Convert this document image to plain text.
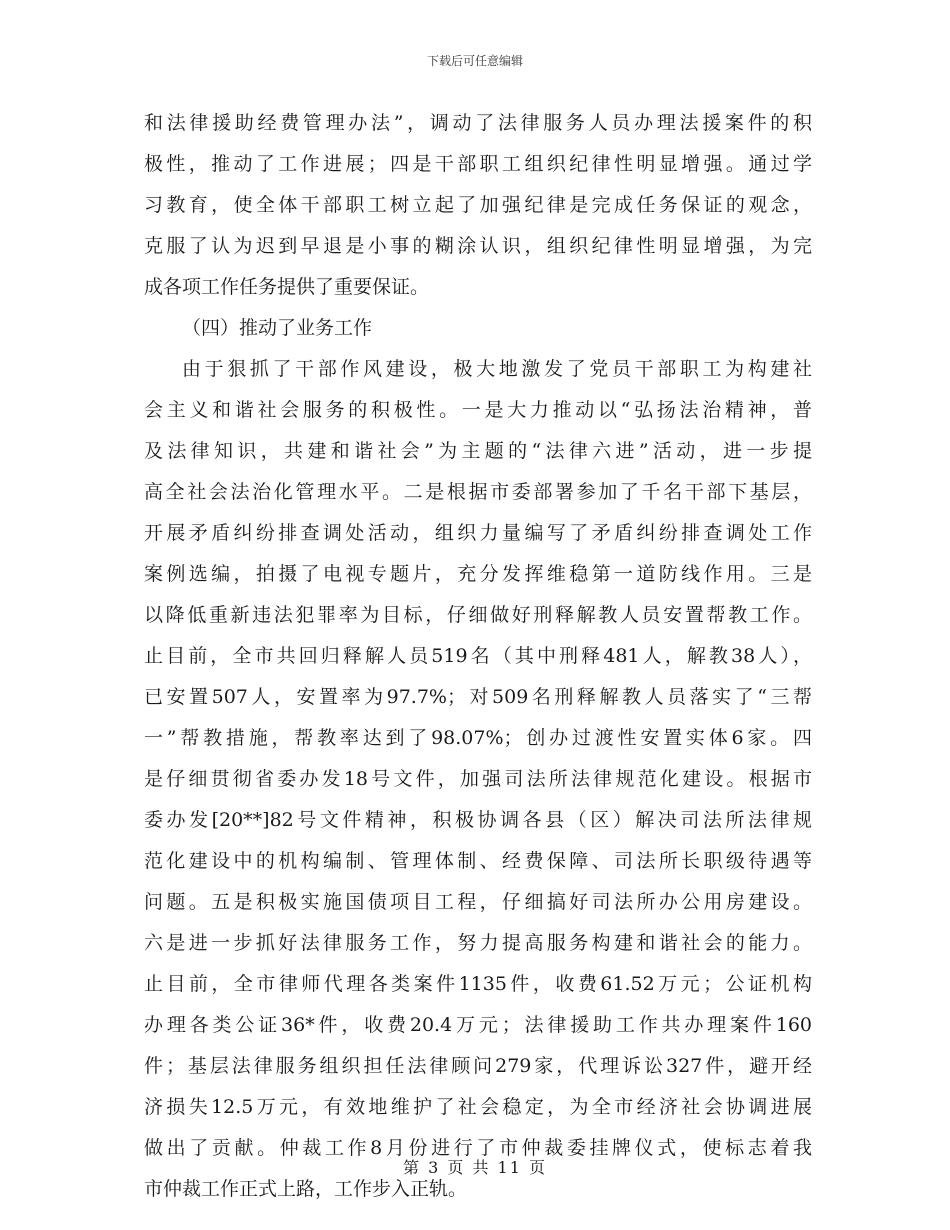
下载后可任意编辑
和法律援助经费管理办法”，调动了法律服务人员办理法援案件的积
极性，推动了工作进展；四是干部职工组织纪律性明显增强。通过学
习教育，使全体干部职工树立起了加强纪律是完成任务保证的观念，
克服了认为迟到早退是小事的糊涂认识，组织纪律性明显增强，为完
成各项工作任务提供了重要保证。
（四）推动了业务工作
由于狠抓了干部作风建设，极大地激发了党员干部职工为构建社
会主义和谐社会服务的积极性。一是大力推动以“弘扬法治精神，普
及法律知识，共建和谐社会”为主题的“法律六进”活动，进一步提
高全社会法治化管理水平。二是根据市委部署参加了千名干部下基层，
开展矛盾纠纷排查调处活动，组织力量编写了矛盾纠纷排查调处工作
案例选编，拍摄了电视专题片，充分发挥维稳第一道防线作用。三是
以降低重新违法犯罪率为目标，仔细做好刑释解教人员安置帮教工作。
止目前，全市共回归释解人员519名（其中刑释481人，解教38人），
已安置507人，安置率为97.7%；对509名刑释解教人员落实了“三帮
一”帮教措施，帮教率达到了98.07%；创办过渡性安置实体6家。四
是仔细贯彻省委办发18号文件，加强司法所法律规范化建设。根据市
委办发[20**]82号文件精神，积极协调各县（区）解决司法所法律规
范化建设中的机构编制、管理体制、经费保障、司法所长职级待遇等
问题。五是积极实施国债项目工程，仔细搞好司法所办公用房建设。
六是进一步抓好法律服务工作，努力提高服务构建和谐社会的能力。
止目前，全市律师代理各类案件1135件，收费61.52万元；公证机构
办理各类公证36*件，收费20.4万元；法律援助工作共办理案件160
件；基层法律服务组织担任法律顾问279家，代理诉讼327件，避开经
济损失12.5万元，有效地维护了社会稳定，为全市经济社会协调进展
做出了贡献。仲裁工作8月份进行了市仲裁委挂牌仪式，使标志着我
市仲裁工作正式上路，工作步入正轨。
第 3 页 共 11 页
